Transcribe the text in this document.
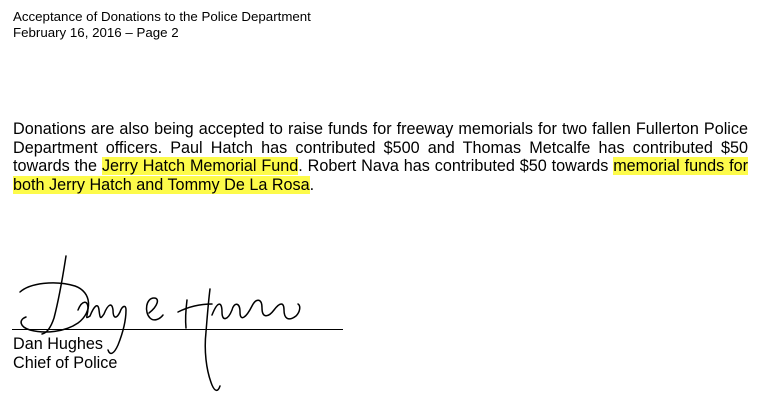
Acceptance of Donations to the Police Department
February 16, 2016 – Page 2

Donations are also being accepted to raise funds for freeway memorials for two fallen Fullerton Police Department officers. Paul Hatch has contributed $500 and Thomas Metcalfe has contributed $50 towards the Jerry Hatch Memorial Fund. Robert Nava has contributed $50 towards memorial funds for both Jerry Hatch and Tommy De La Rosa.

Dan Hughes
Chief of Police
